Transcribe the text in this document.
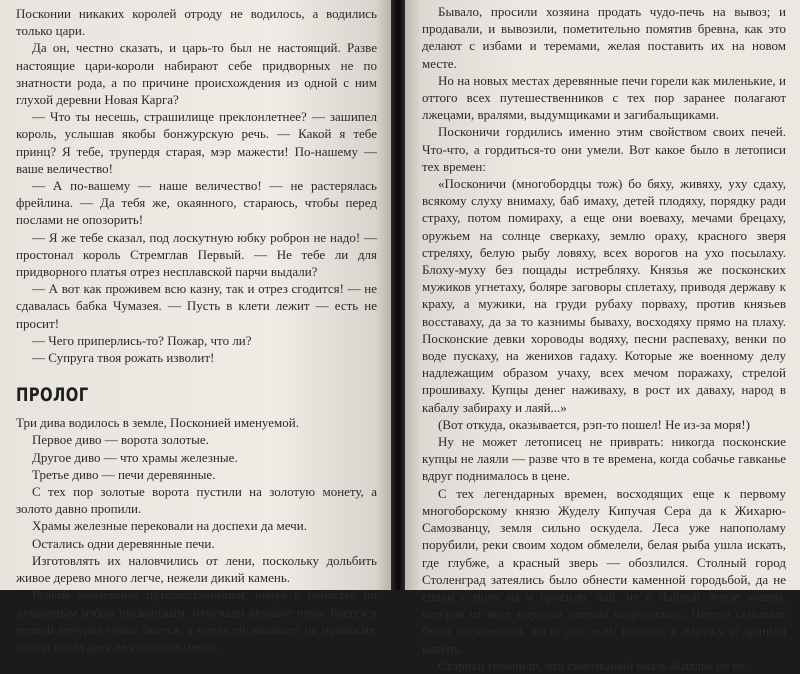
Посконии никаких королей отроду не водилось, а водились только цари.

Да он, честно сказать, и царь-то был не настоящий. Разве настоящие цари-короли набирают себе придворных не по знатности рода, а по причине происхождения из одной с ним глухой деревни Новая Карга?

— Что ты несешь, страшилище преклонлетнее? — зашипел король, услышав якобы бонжурскую речь. — Какой я тебе принц? Я тебе, трупердя старая, мэр мажести! По-нашему — ваше величество!

— А по-вашему — наше величество! — не растерялась фрейлина. — Да тебя же, окаянного, стараюсь, чтобы перед послами не опозорить!

— Я же тебе сказал, под лоскутную юбку роброн не надо! — простонал король Стремглав Первый. — Не тебе ли для придворного платья отрез несплавской парчи выдали?

— А вот как проживем всю казну, так и отрез сгодится! — не сдавалась бабка Чумазея. — Пусть в клети лежит — есть не просит!

— Чего приперлись-то? Пожар, что ли?

— Супруга твоя рожать изволит!

ПРОЛОГ

Три дива водилось в земле, Посконией именуемой.

Первое диво — ворота золотые.

Другое диво — что храмы железные.

Третье диво — печи деревянные.

С тех пор золотые ворота пустили на золотую монету, а золото давно пропили.

Храмы железные перековали на доспехи да мечи.

Остались одни деревянные печи.

Изготовлять их наловчились от лени, поскольку дольбить живое дерево много легче, нежели дикий камень.

Редкие иноземные путешественники, ночуя в ненастье по духовитым избам посконским, отмечали великое чудо: бьется в тесной печурке огонь бьется, а вреда ей никакого не приносит, хотя и тепла дает не слишком много.

Бывало, просили хозяина продать чудо-печь на вывоз; и продавали, и вывозили, пометительно помятив бревна, как это делают с избами и теремами, желая поставить их на новом месте.

Но на новых местах деревянные печи горели как миленькие, и оттого всех путешественников с тех пор заранее полагают лжецами, вралями, выдумщиками и загибальщиками.

Посконичи гордились именно этим свойством своих печей. Что-что, а гордиться-то они умели. Вот какое было в летописи тех времен:

«Посконичи (многобордцы тож) бо бяху, живяху, уху сдаху, всякому слуху внимаху, баб имаху, детей плодяху, порядку ради страху, потом помираху, а еще они воеваху, мечами брецаху, оружьем на солнце сверкаху, землю ораху, красного зверя стреляху, белую рыбу ловяху, всех ворогов на ухо посылаху. Блоху-муху без пощады истребляху. Князья же посконских мужиков угнетаху, боляре заговоры сплетаху, приводя державу к краху, а мужики, на груди рубаху порваху, против князьев восставаху, да за то казнимы бываху, восходяху прямо на плаху. Посконские девки хороводы водяху, песни распеваху, венки по воде пускаху, на женихов гадаху. Которые же военному делу надлежащим образом учаху, всех мечом поражаху, стрелой прошиваху. Купцы денег наживаху, в рост их даваху, народ в кабалу забираху и лаяй...»

(Вот откуда, оказывается, рэп-то пошел! Не из-за моря!)

Ну не может летописец не приврать: никогда посконские купцы не лаяли — разве что в те времена, когда собачье гавканье вдруг поднималось в цене.

С тех легендарных времен, восходящих еще к первому многоборскому князю Жуделу Кипучая Сера да к Жихарю-Самозванцу, земля сильно оскудела. Леса уже напополаму порубили, реки своим ходом обмелели, белая рыба ушла искать, где глубже, а красный зверь — обозлился. Столный город Столенград затеялись было обнести каменной городьбой, да не сняли с полу на и бросили: чай, не в Чайной Земле живем, которая от всех народов стеною огородилась. Нечего скрывать было посконичам, жили они всем напоказ и наружу, и драным наверх.

Старики говорили, что самозваный князь Жихарь не не
